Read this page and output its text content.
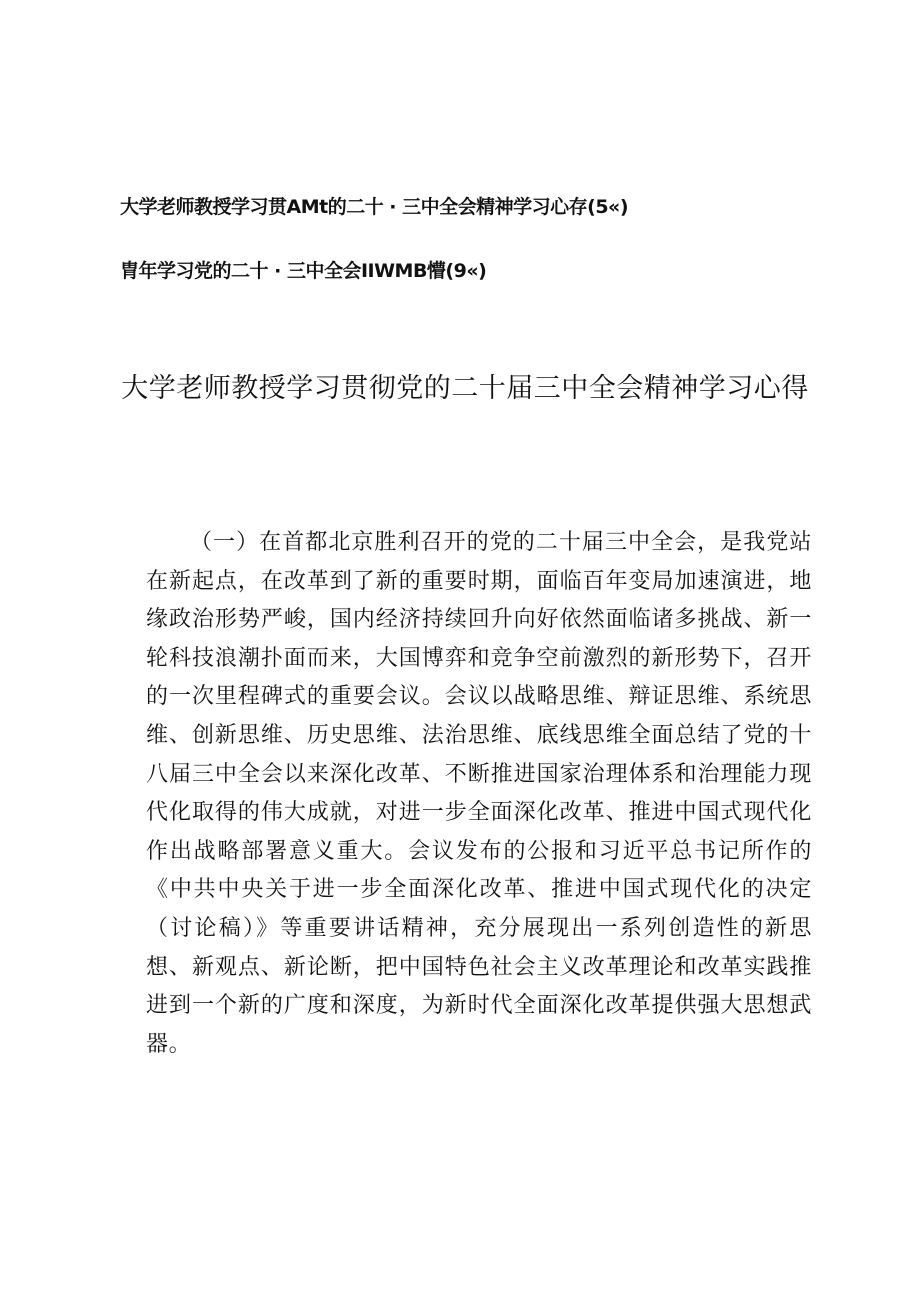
大学老师教授学习贯AMt的二十 · 三中全会精神学习心存(5«)
胄年学习党的二十 · 三中全会IIWMB懵(9«)
大学老师教授学习贯彻党的二十届三中全会精神学习心得

（一）在首都北京胜利召开的党的二十届三中全会，是我党站在新起点，在改革到了新的重要时期，面临百年变局加速演进，地缘政治形势严峻，国内经济持续回升向好依然面临诸多挑战、新一轮科技浪潮扑面而来，大国博弈和竞争空前激烈的新形势下，召开的一次里程碑式的重要会议。会议以战略思维、辩证思维、系统思维、创新思维、历史思维、法治思维、底线思维全面总结了党的十八届三中全会以来深化改革、不断推进国家治理体系和治理能力现代化取得的伟大成就，对进一步全面深化改革、推进中国式现代化作出战略部署意义重大。会议发布的公报和习近平总书记所作的《中共中央关于进一步全面深化改革、推进中国式现代化的决定（讨论稿）》等重要讲话精神，充分展现出一系列创造性的新思想、新观点、新论断，把中国特色社会主义改革理论和改革实践推进到一个新的广度和深度，为新时代全面深化改革提供强大思想武器。
